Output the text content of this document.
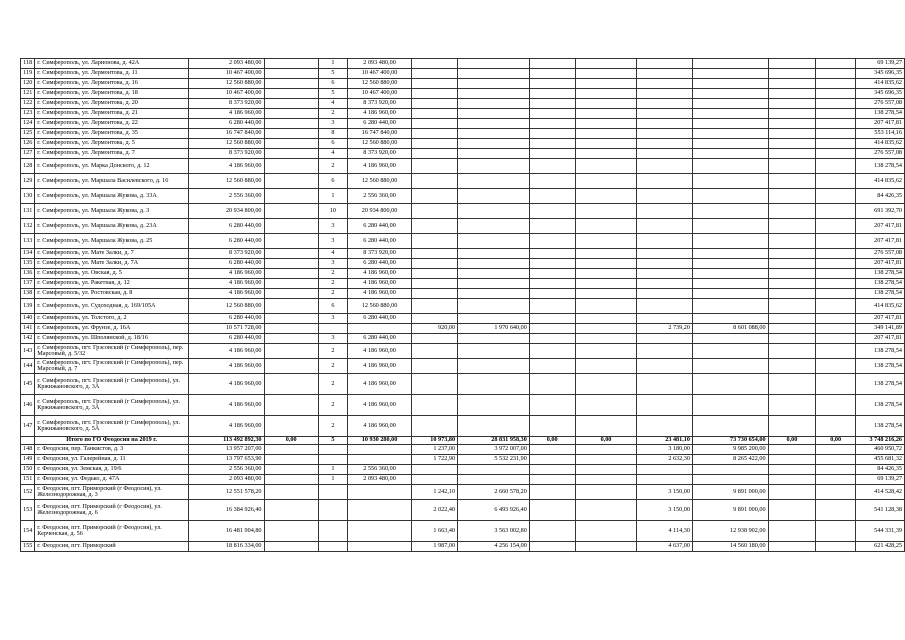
118	г. Симферополь, ул. Ларионова, д. 42А	2 093 480,00		1	2 093 480,00									69 139,27
119	г. Симферополь, ул. Лермонтова, д. 11	10 467 400,00		5	10 467 400,00									345 696,35
120	г. Симферополь, ул. Лермонтова, д. 16	12 560 880,00		6	12 560 880,00									414 835,62
121	г. Симферополь, ул. Лермонтова, д. 18	10 467 400,00		5	10 467 400,00									345 696,35
122	г. Симферополь, ул. Лермонтова, д. 20	8 373 920,00		4	8 373 920,00									276 557,08
123	г. Симферополь, ул. Лермонтова, д. 21	4 186 960,00		2	4 186 960,00									138 278,54
124	г. Симферополь, ул. Лермонтова, д. 22	6 280 440,00		3	6 280 440,00									207 417,81
125	г. Симферополь, ул. Лермонтова, д. 35	16 747 840,00		8	16 747 840,00									553 114,16
126	г. Симферополь, ул. Лермонтова, д. 5	12 560 880,00		6	12 560 880,00									414 835,62
127	г. Симферополь, ул. Лермонтова, д. 7	8 373 920,00		4	8 373 920,00									276 557,08
128	г. Симферополь, ул. Марка Донского, д. 12	4 186 960,00		2	4 186 960,00									138 278,54
129	г. Симферополь, ул. Маршала Василевского, д. 16	12 560 880,00		6	12 560 880,00									414 835,62
130	г. Симферополь, ул. Маршала Жукова, д. 33А	2 556 360,00		1	2 556 360,00									84 426,35
131	г. Симферополь, ул. Маршала Жукова, д. 3	20 934 800,00		10	20 934 800,00									691 392,70
132	г. Симферополь, ул. Маршала Жукова, д. 23А	6 280 440,00		3	6 280 440,00									207 417,81
133	г. Симферополь, ул. Маршала Жукова, д. 25	6 280 440,00		3	6 280 440,00									207 417,81
134	г. Симферополь, ул. Мате Залки, д. 7	8 373 920,00		4	8 373 920,00									276 557,08
135	г. Симферополь, ул. Мате Залки, д. 7А	6 280 440,00		3	6 280 440,00									207 417,81
136	г. Симферополь, ул. Овская, д. 5	4 186 960,00		2	4 186 960,00									138 278,54
137	г. Симферополь, ул. Ракетная, д. 12	4 186 960,00		2	4 186 960,00									138 278,54
138	г. Симферополь, ул. Ростовская, д. 8	4 186 960,00		2	4 186 960,00									138 278,54
139	г. Симферополь, ул. Судоходная, д. 169/105А	12 560 880,00		6	12 560 880,00									414 835,62
140	г. Симферополь, ул. Толстого, д. 2	6 280 440,00		3	6 280 440,00									207 417,81
141	г. Симферополь, ул. Фрунзе, д. 16А	10 571 728,00				920,00	1 970 640,00			2 739,20	8 601 088,00			349 141,89
142	г. Симферополь, ул. Шполянской, д. 18/16	6 280 440,00		3	6 280 440,00									207 417,81
143	г. Симферополь, пгт. Грэсовский (г Симферополь), пер. Марсовый, д. 5/32	4 186 960,00		2	4 186 960,00									138 278,54
144	г. Симферополь, пгт. Грэсовский (г Симферополь), пер. Марсовый, д. 7	4 186 960,00		2	4 186 960,00									138 278,54
145	г. Симферополь, пгт. Грэсовский (г Симферополь), ул. Кржижановского, д. 3А	4 186 960,00		2	4 186 960,00									138 278,54
146	г. Симферополь, пгт. Грэсовский (г Симферополь), ул. Кржижановского, д. 3А	4 186 960,00		2	4 186 960,00									138 278,54
147	г. Симферополь, пгт. Грэсовский (г Симферополь), ул. Кржижановского, д. 5А	4 186 960,00		2	4 186 960,00									138 278,54
	Итого по ГО Феодосия на 2019 г.	113 492 892,30	0,00	5	10 930 280,00	10 973,80	28 831 958,30	0,00	0,00	23 481,10	73 730 654,00	0,00	0,00	3 748 216,26
148	г. Феодосия, пер. Танкистов, д. 3	13 957 207,00				1 237,00	3 972 007,00			3 180,00	9 985 200,00			460 950,72
149	г. Феодосия, ул. Галерейная, д. 11	13 797 653,90				1 722,90	5 532 231,90			2 632,30	8 265 422,00			455 681,32
150	г. Феодосия, ул. Земская, д. 19/6	2 556 360,00		1	2 556 360,00									84 426,35
151	г. Феодосия, ул. Федько, д. 47А	2 093 480,00		1	2 093 480,00									69 139,27
152	г. Феодосия, пгт. Приморский (г Феодосия), ул. Железнодорожная, д. 3	12 551 578,20				1 242,10	2 660 578,20			3 150,00	9 891 000,00			414 528,42
153	г. Феодосия, пгт. Приморский (г Феодосия), ул. Железнодорожная, д. 6	16 384 926,40				2 022,40	6 493 926,40			3 150,00	9 891 000,00			541 128,38
154	г. Феодосия, пгт. Приморский (г Феодосия), ул. Керченская, д. 56	16 481 904,80				1 663,40	3 563 002,80			4 114,30	12 938 902,00			544 331,39
155	г. Феодосия, пгт. Приморский	18 816 334,00				1 987,00	4 256 154,00			4 637,00	14 560 180,00			621 428,25
